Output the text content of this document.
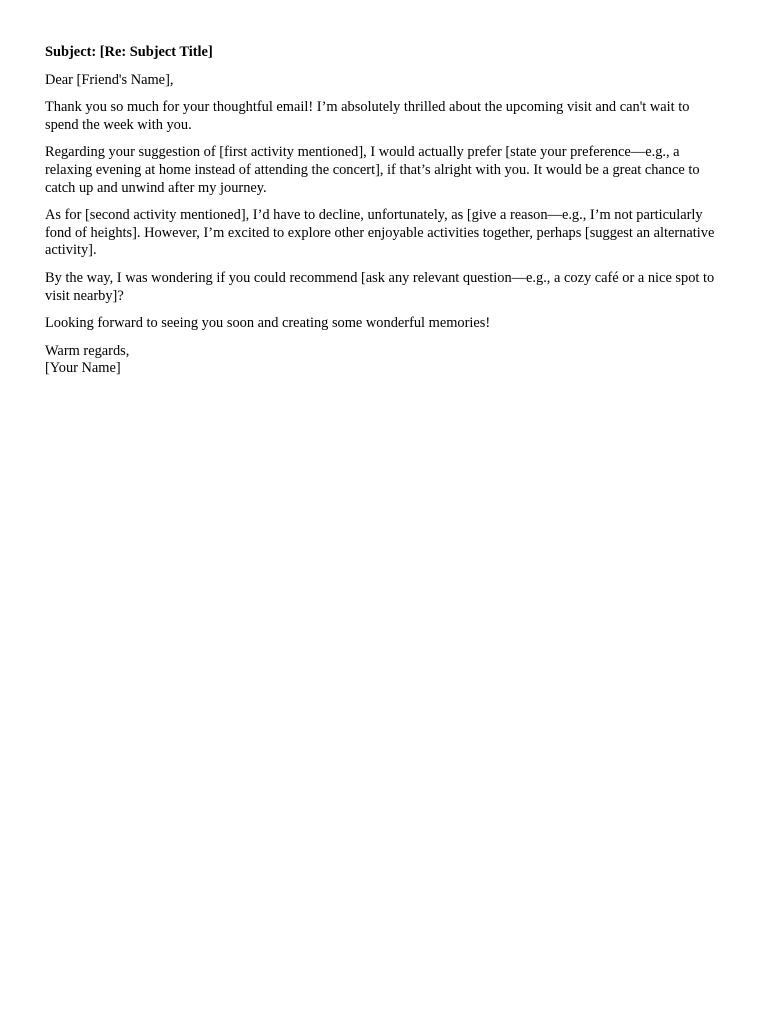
Subject: [Re: Subject Title]

Dear [Friend's Name],

Thank you so much for your thoughtful email! I’m absolutely thrilled about the upcoming visit and can't wait to spend the week with you.

Regarding your suggestion of [first activity mentioned], I would actually prefer [state your preference—e.g., a relaxing evening at home instead of attending the concert], if that’s alright with you. It would be a great chance to catch up and unwind after my journey.

As for [second activity mentioned], I’d have to decline, unfortunately, as [give a reason—e.g., I’m not particularly fond of heights]. However, I’m excited to explore other enjoyable activities together, perhaps [suggest an alternative activity].

By the way, I was wondering if you could recommend [ask any relevant question—e.g., a cozy café or a nice spot to visit nearby]?

Looking forward to seeing you soon and creating some wonderful memories!

Warm regards,
[Your Name]
